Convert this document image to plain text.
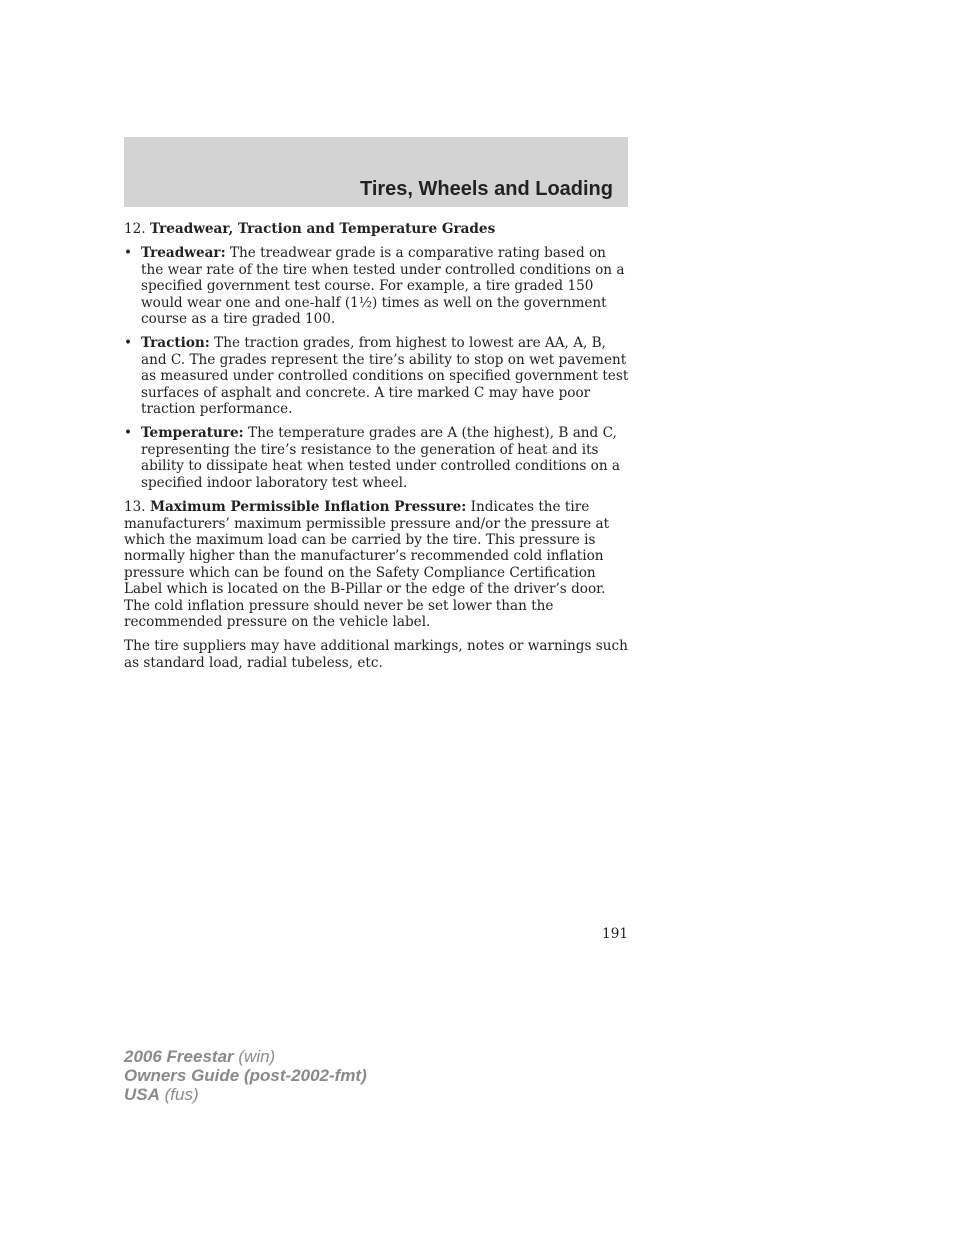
Tires, Wheels and Loading

12. Treadwear, Traction and Temperature Grades

• Treadwear: The treadwear grade is a comparative rating based on the wear rate of the tire when tested under controlled conditions on a specified government test course. For example, a tire graded 150 would wear one and one-half (1½) times as well on the government course as a tire graded 100.
• Traction: The traction grades, from highest to lowest are AA, A, B, and C. The grades represent the tire’s ability to stop on wet pavement as measured under controlled conditions on specified government test surfaces of asphalt and concrete. A tire marked C may have poor traction performance.
• Temperature: The temperature grades are A (the highest), B and C, representing the tire’s resistance to the generation of heat and its ability to dissipate heat when tested under controlled conditions on a specified indoor laboratory test wheel.

13. Maximum Permissible Inflation Pressure: Indicates the tire manufacturers’ maximum permissible pressure and/or the pressure at which the maximum load can be carried by the tire. This pressure is normally higher than the manufacturer’s recommended cold inflation pressure which can be found on the Safety Compliance Certification Label which is located on the B-Pillar or the edge of the driver’s door. The cold inflation pressure should never be set lower than the recommended pressure on the vehicle label.

The tire suppliers may have additional markings, notes or warnings such as standard load, radial tubeless, etc.

191
2006 Freestar (win)
Owners Guide (post-2002-fmt)
USA (fus)
